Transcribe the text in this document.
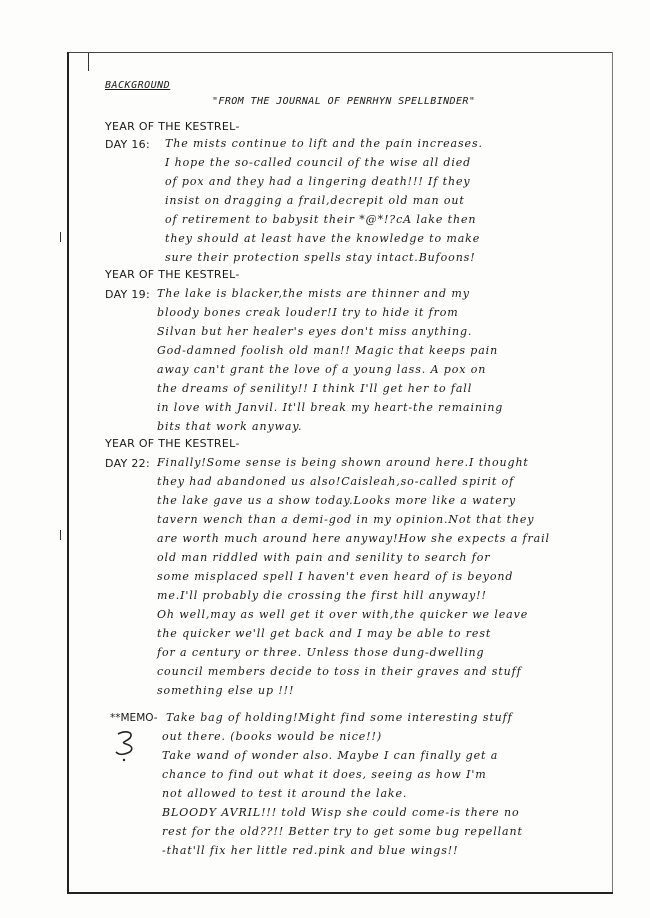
BACKGROUND
"FROM THE JOURNAL OF PENRHYN SPELLBINDER"
YEAR OF THE KESTREL-
DAY 16: The mists continue to lift and the pain increases.
I hope the so-called council of the wise all died
of pox and they had a lingering death!!! If they
insist on dragging a frail,decrepit old man out
of retirement to babysit their *@*!?cA lake then
they should at least have the knowledge to make
sure their protection spells stay intact.Bufoons!
YEAR OF THE KESTREL-
DAY 19: The lake is blacker,the mists are thinner and my
bloody bones creak louder!I try to hide it from
Silvan but her healer's eyes don't miss anything.
God-damned foolish old man!! Magic that keeps pain
away can't grant the love of a young lass. A pox on
the dreams of senility!! I think I'll get her to fall
in love with Janvil. It'll break my heart-the remaining
bits that work anyway.
YEAR OF THE KESTREL-
DAY 22: Finally!Some sense is being shown around here.I thought
they had abandoned us also!Caisleah,so-called spirit of
the lake gave us a show today.Looks more like a watery
tavern wench than a demi-god in my opinion.Not that they
are worth much around here anyway!How she expects a frail
old man riddled with pain and senility to search for
some misplaced spell I haven't even heard of is beyond
me.I'll probably die crossing the first hill anyway!!
Oh well,may as well get it over with,the quicker we leave
the quicker we'll get back and I may be able to rest
for a century or three. Unless those dung-dwelling
council members decide to toss in their graves and stuff
something else up !!!
**MEMO- Take bag of holding!Might find some interesting stuff
out there. (books would be nice!!)
Take wand of wonder also. Maybe I can finally get a
chance to find out what it does, seeing as how I'm
not allowed to test it around the lake.
BLOODY AVRIL!!! told Wisp she could come-is there no
rest for the old??!! Better try to get some bug repellant
-that'll fix her little red.pink and blue wings!!
